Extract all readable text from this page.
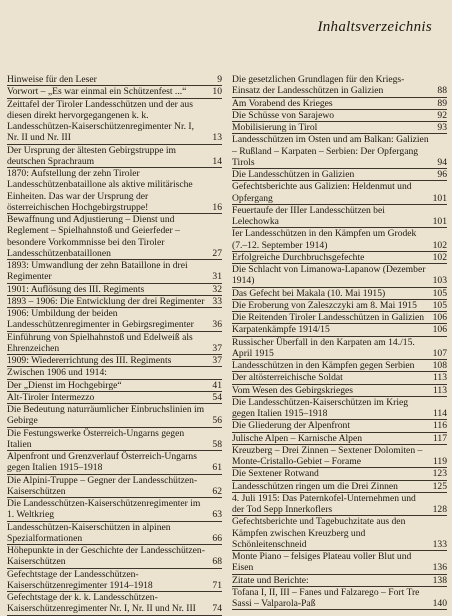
Inhaltsverzeichnis
Hinweise für den Leser	9
Vorwort – „Es war einmal ein Schützenfest ...“	10
Zeittafel der Tiroler Landesschützen und der aus diesen direkt hervorgegangenen k. k. Landesschützen-Kaiserschützenregimenter Nr. I, Nr. II und Nr. III	13
Der Ursprung der ältesten Gebirgstruppe im deutschen Sprachraum	14
1870: Aufstellung der zehn Tiroler Landesschützenbataillone als aktive militärische Einheiten. Das war der Ursprung der österreichischen Hochgebirgstruppe!	16
Bewaffnung und Adjustierung – Dienst und Reglement – Spielhahnstoß und Geierfeder – besondere Vorkommnisse bei den Tiroler Landesschützenbataillonen	27
1893: Umwandlung der zehn Bataillone in drei Regimenter	31
1901: Auflösung des III. Regiments	32
1893 – 1906: Die Entwicklung der drei Regimenter 33
1906: Umbildung der beiden Landesschützenregimenter in Gebirgsregimenter	36
Einführung von Spielhahnstoß und Edelweiß als Ehrenzeichen	37
1909: Wiedererrichtung des III. Regiments	37
Zwischen 1906 und 1914:
Der „Dienst im Hochgebirge“	41
Alt-Tiroler Intermezzo	54
Die Bedeutung naturräumlicher Einbruchslinien im Gebirge	56
Die Festungswerke Österreich-Ungarns gegen Italien	58
Alpenfront und Grenzverlauf Österreich-Ungarns gegen Italien 1915–1918	61
Die Alpini-Truppe – Gegner der Landesschützen-Kaiserschützen	62
Die Landesschützen-Kaiserschützenregimenter im 1. Weltkrieg	63
Landesschützen-Kaiserschützen in alpinen Spezialformationen	66
Höhepunkte in der Geschichte der Landesschützen-Kaiserschützen	68
Gefechtstage der Landesschützen-Kaiserschützenregimenter 1914–1918	71
Gefechtstage der k. k. Landesschützen-Kaiserschützenregimenter Nr. I, Nr. II und Nr. III	74
Die gesetzlichen Grundlagen für den Kriegs-Einsatz der Landesschützen in Galizien	88
Am Vorabend des Krieges	89
Die Schüsse von Sarajewo	92
Mobilisierung in Tirol	93
Landesschützen im Osten und am Balkan: Galizien – Rußland – Karpaten – Serbien: Der Opfergang Tirols	94
Die Landesschützen in Galizien	96
Gefechtsberichte aus Galizien: Heldenmut und Opfergang	101
Feuertaufe der IIIer Landesschützen bei Lelechowka	101
Ier Landesschützen in den Kämpfen um Grodek (7.–12. September 1914)	102
Erfolgreiche Durchbruchsgefechte	102
Die Schlacht von Limanowa-Lapanow (Dezember 1914)	103
Das Gefecht bei Makala (10. Mai 1915)	105
Die Eroberung von Zaleszczyki am 8. Mai 1915	105
Die Reitenden Tiroler Landesschützen in Galizien 106
Karpatenkämpfe 1914/15	106
Russischer Überfall in den Karpaten am 14./15. April 1915	107
Landesschützen in den Kämpfen gegen Serbien	108
Der altösterreichische Soldat	113
Vom Wesen des Gebirgskrieges	113
Die Landesschützen-Kaiserschützen im Krieg gegen Italien 1915–1918	114
Die Gliederung der Alpenfront	116
Julische Alpen – Karnische Alpen	117
Kreuzberg – Drei Zinnen – Sextener Dolomiten – Monte-Cristallo-Gebiet – Forame	119
Die Sextener Rotwand	123
Landesschützen ringen um die Drei Zinnen	125
4. Juli 1915: Das Paternkofel-Unternehmen und der Tod Sepp Innerkoflers	128
Gefechtsberichte und Tagebuchzitate aus den Kämpfen zwischen Kreuzberg und Schönleitenschneid	133
Monte Piano – felsiges Plateau voller Blut und Eisen	136
Zitate und Berichte:	138
Tofana I, II, III – Fanes und Falzarego – Fort Tre Sassi – Valparola-Paß	140
